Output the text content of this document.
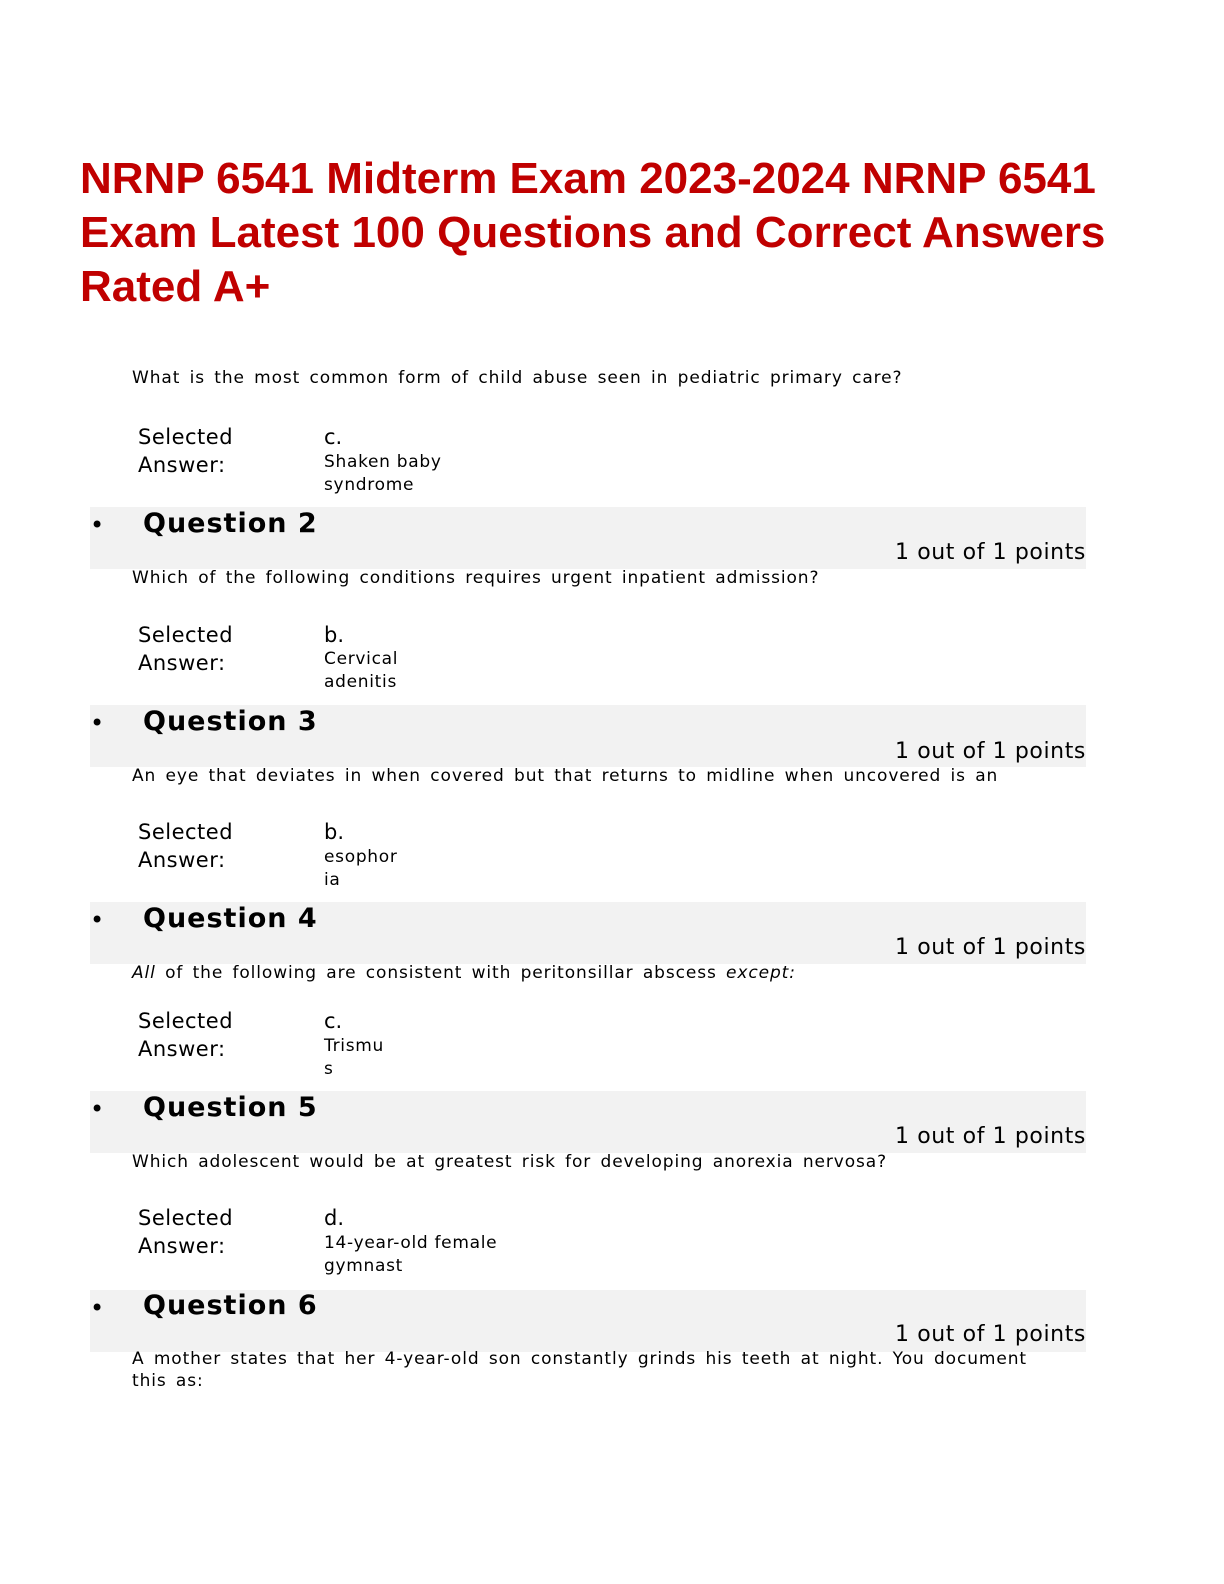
NRNP 6541 Midterm Exam 2023-2024 NRNP 6541 Exam Latest 100 Questions and Correct Answers Rated A+
What is the most common form of child abuse seen in pediatric primary care?
Selected
Answer:
c.
Shaken baby
syndrome
• Question 2
1 out of 1 points
Which of the following conditions requires urgent inpatient admission?
Selected
Answer:
b.
Cervical
adenitis
• Question 3
1 out of 1 points
An eye that deviates in when covered but that returns to midline when uncovered is an
Selected
Answer:
b.
esophor
ia
• Question 4
1 out of 1 points
All of the following are consistent with peritonsillar abscess except:
Selected
Answer:
c.
Trismu
s
• Question 5
1 out of 1 points
Which adolescent would be at greatest risk for developing anorexia nervosa?
Selected
Answer:
d.
14-year-old female
gymnast
• Question 6
1 out of 1 points
A mother states that her 4-year-old son constantly grinds his teeth at night. You document this as:
